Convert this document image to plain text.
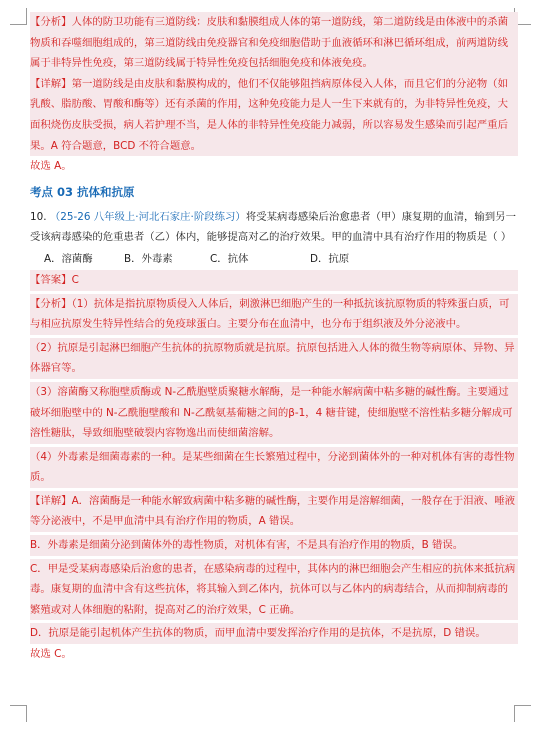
【分析】人体的防卫功能有三道防线：皮肤和黏膜组成人体的第一道防线，第二道防线是由体液中的杀菌物质和吞噬细胞组成的，第三道防线由免疫器官和免疫细胞借助于血液循环和淋巴循环组成，前两道防线属于非特异性免疫，第三道防线属于特异性免疫包括细胞免疫和体液免疫。
【详解】第一道防线是由皮肤和黏膜构成的，他们不仅能够阻挡病原体侵入人体，而且它们的分泌物（如乳酸、脂肪酸、胃酸和酶等）还有杀菌的作用，这种免疫能力是人一生下来就有的，为非特异性免疫，大面积烧伤皮肤受损，病人若护理不当，是人体的非特异性免疫能力减弱，所以容易发生感染而引起严重后果。A 符合题意，BCD 不符合题意。
故选 A。
考点 03 抗体和抗原
10. （25-26 八年级上·河北石家庄·阶段练习）将受某病毒感染后治愈患者（甲）康复期的血清，输到另一受该病毒感染的危重患者（乙）体内，能够提高对乙的治疗效果。甲的血清中具有治疗作用的物质是（ ）
A．溶菌酶	B．外毒素	C．抗体	D．抗原
【答案】C
【分析】（1）抗体是指抗原物质侵入人体后，刺激淋巴细胞产生的一种抵抗该抗原物质的特殊蛋白质，可与相应抗原发生特异性结合的免疫球蛋白。主要分布在血清中，也分布于组织液及外分泌液中。
（2）抗原是引起淋巴细胞产生抗体的抗原物质就是抗原。抗原包括进入人体的微生物等病原体、异物、异体器官等。
（3）溶菌酶又称胞壁质酶或 N-乙酰胞壁质聚糖水解酶，是一种能水解病菌中粘多糖的碱性酶。主要通过破坏细胞壁中的 N-乙酰胞壁酸和 N-乙酰氨基葡糖之间的β-1，4 糖苷键，使细胞壁不溶性粘多糖分解成可溶性糖肽，导致细胞壁破裂内容物逸出而使细菌溶解。
（4）外毒素是细菌毒素的一种。是某些细菌在生长繁殖过程中，分泌到菌体外的一种对机体有害的毒性物质。
【详解】A．溶菌酶是一种能水解致病菌中粘多糖的碱性酶，主要作用是溶解细菌，一般存在于泪液、唾液等分泌液中，不是甲血清中具有治疗作用的物质，A 错误。
B．外毒素是细菌分泌到菌体外的毒性物质，对机体有害，不是具有治疗作用的物质，B 错误。
C．甲是受某病毒感染后治愈的患者，在感染病毒的过程中，其体内的淋巴细胞会产生相应的抗体来抵抗病毒。康复期的血清中含有这些抗体，将其输入到乙体内，抗体可以与乙体内的病毒结合，从而抑制病毒的繁殖或对人体细胞的粘附，提高对乙的治疗效果，C 正确。
D．抗原是能引起机体产生抗体的物质，而甲血清中要发挥治疗作用的是抗体，不是抗原，D 错误。
故选 C。
